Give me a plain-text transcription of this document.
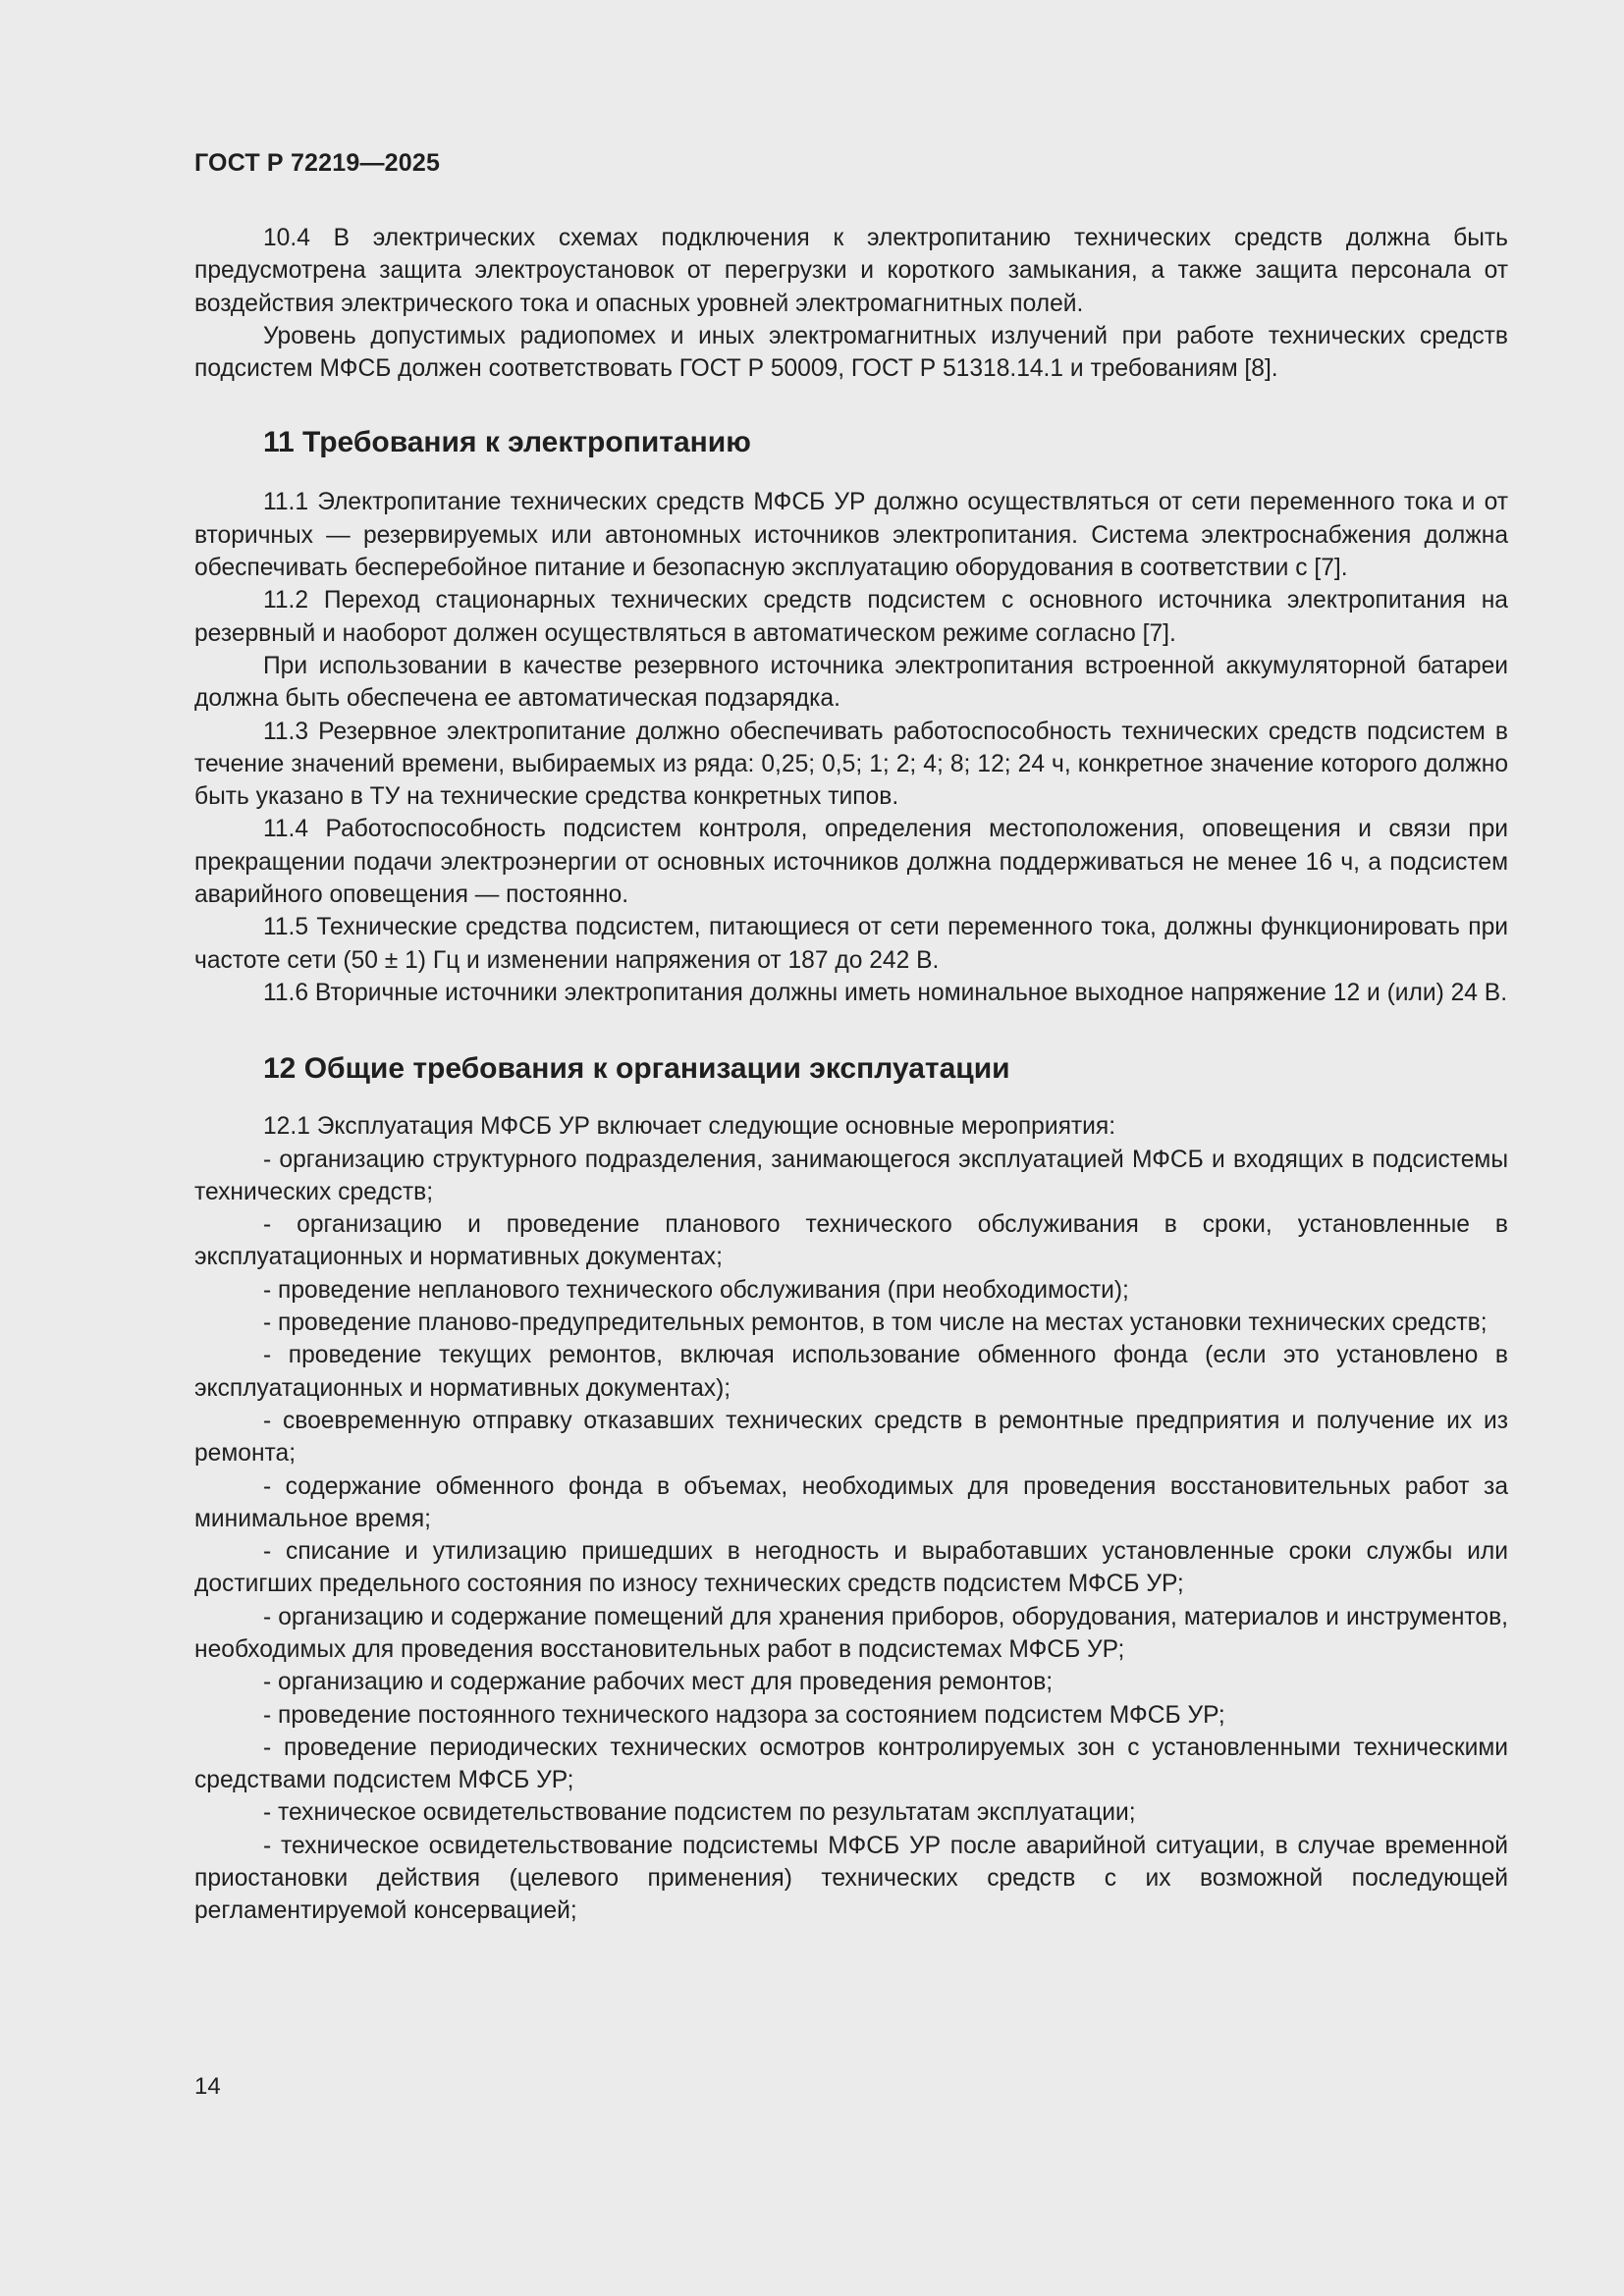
ГОСТ Р 72219—2025

10.4 В электрических схемах подключения к электропитанию технических средств должна быть предусмотрена защита электроустановок от перегрузки и короткого замыкания, а также защита персонала от воздействия электрического тока и опасных уровней электромагнитных полей.

Уровень допустимых радиопомех и иных электромагнитных излучений при работе технических средств подсистем МФСБ должен соответствовать ГОСТ Р 50009, ГОСТ Р 51318.14.1 и требованиям [8].

11 Требования к электропитанию

11.1 Электропитание технических средств МФСБ УР должно осуществляться от сети переменного тока и от вторичных — резервируемых или автономных источников электропитания. Система электроснабжения должна обеспечивать бесперебойное питание и безопасную эксплуатацию оборудования в соответствии с [7].

11.2 Переход стационарных технических средств подсистем с основного источника электропитания на резервный и наоборот должен осуществляться в автоматическом режиме согласно [7].

При использовании в качестве резервного источника электропитания встроенной аккумуляторной батареи должна быть обеспечена ее автоматическая подзарядка.

11.3 Резервное электропитание должно обеспечивать работоспособность технических средств подсистем в течение значений времени, выбираемых из ряда: 0,25; 0,5; 1; 2; 4; 8; 12; 24 ч, конкретное значение которого должно быть указано в ТУ на технические средства конкретных типов.

11.4 Работоспособность подсистем контроля, определения местоположения, оповещения и связи при прекращении подачи электроэнергии от основных источников должна поддерживаться не менее 16 ч, а подсистем аварийного оповещения — постоянно.

11.5 Технические средства подсистем, питающиеся от сети переменного тока, должны функционировать при частоте сети (50 ± 1) Гц и изменении напряжения от 187 до 242 В.

11.6 Вторичные источники электропитания должны иметь номинальное выходное напряжение 12 и (или) 24 В.

12 Общие требования к организации эксплуатации

12.1 Эксплуатация МФСБ УР включает следующие основные мероприятия:

- организацию структурного подразделения, занимающегося эксплуатацией МФСБ и входящих в подсистемы технических средств;

- организацию и проведение планового технического обслуживания в сроки, установленные в эксплуатационных и нормативных документах;

- проведение непланового технического обслуживания (при необходимости);

- проведение планово-предупредительных ремонтов, в том числе на местах установки технических средств;

- проведение текущих ремонтов, включая использование обменного фонда (если это установлено в эксплуатационных и нормативных документах);

- своевременную отправку отказавших технических средств в ремонтные предприятия и получение их из ремонта;

- содержание обменного фонда в объемах, необходимых для проведения восстановительных работ за минимальное время;

- списание и утилизацию пришедших в негодность и выработавших установленные сроки службы или достигших предельного состояния по износу технических средств подсистем МФСБ УР;

- организацию и содержание помещений для хранения приборов, оборудования, материалов и инструментов, необходимых для проведения восстановительных работ в подсистемах МФСБ УР;

- организацию и содержание рабочих мест для проведения ремонтов;

- проведение постоянного технического надзора за состоянием подсистем МФСБ УР;

- проведение периодических технических осмотров контролируемых зон с установленными техническими средствами подсистем МФСБ УР;

- техническое освидетельствование подсистем по результатам эксплуатации;

- техническое освидетельствование подсистемы МФСБ УР после аварийной ситуации, в случае временной приостановки действия (целевого применения) технических средств с их возможной последующей регламентируемой консервацией;

14
